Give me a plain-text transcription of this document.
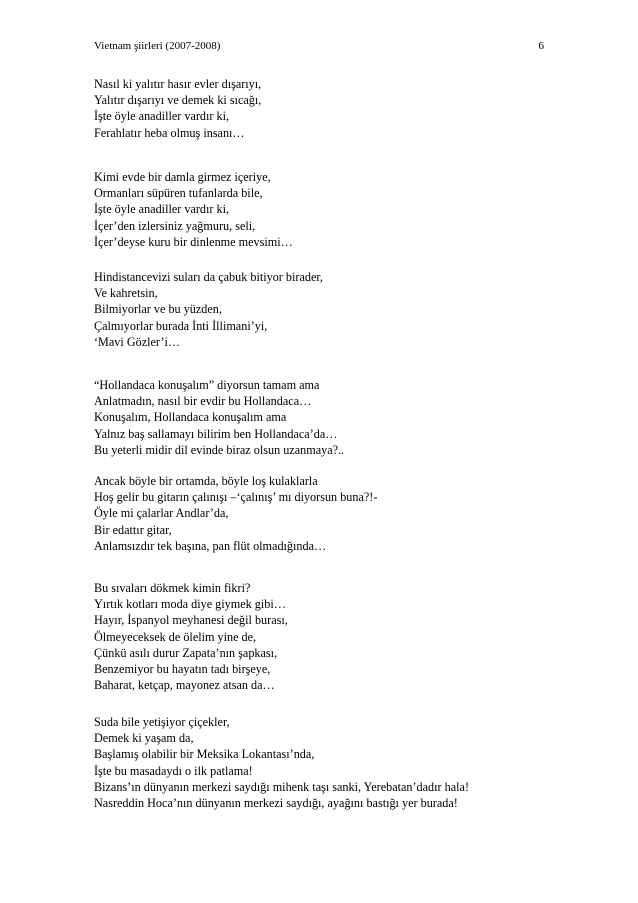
Vietnam şiirleri (2007-2008)	6
Nasıl ki yalıtır hasır evler dışarıyı,
Yalıtır dışarıyı ve demek ki sıcağı,
İşte öyle anadiller vardır ki,
Ferahlatır heba olmuş insanı…
Kimi evde bir damla girmez içeriye,
Ormanları süpüren tufanlarda bile,
İşte öyle anadiller vardır ki,
İçer’den izlersiniz yağmuru, seli,
İçer’deyse kuru bir dinlenme mevsimi…
Hindistancevizi suları da çabuk bitiyor birader,
Ve kahretsin,
Bilmiyorlar ve bu yüzden,
Çalmıyorlar burada İnti İllimani’yi,
‘Mavi Gözler’i…
“Hollandaca konuşalım” diyorsun tamam ama
Anlatmadın, nasıl bir evdir bu Hollandaca…
Konuşalım, Hollandaca konuşalım ama
Yalnız baş sallamayı bilirim ben Hollandaca’da…
Bu yeterli midir dil evinde biraz olsun uzanmaya?..
Ancak böyle bir ortamda, böyle loş kulaklarla
Hoş gelir bu gitarın çalınışı –‘çalınış’ mı diyorsun buna?!-
Öyle mi çalarlar Andlar’da,
Bir edattır gitar,
Anlamsızdır tek başına, pan flüt olmadığında…
Bu sıvaları dökmek kimin fikri?
Yırtık kotları moda diye giymek gibi…
Hayır, İspanyol meyhanesi değil burası,
Ölmeyeceksek de ölelim yine de,
Çünkü asılı durur Zapata’nın şapkası,
Benzemiyor bu hayatın tadı birşeye,
Baharat, ketçap, mayonez atsan da…
Suda bile yetişiyor çiçekler,
Demek ki yaşam da,
Başlamış olabilir bir Meksika Lokantası’nda,
İşte bu masadaydı o ilk patlama!
Bizans’ın dünyanın merkezi saydığı mihenk taşı sanki, Yerebatan’dadır hala!
Nasreddin Hoca’nın dünyanın merkezi saydığı, ayağını bastığı yer burada!
